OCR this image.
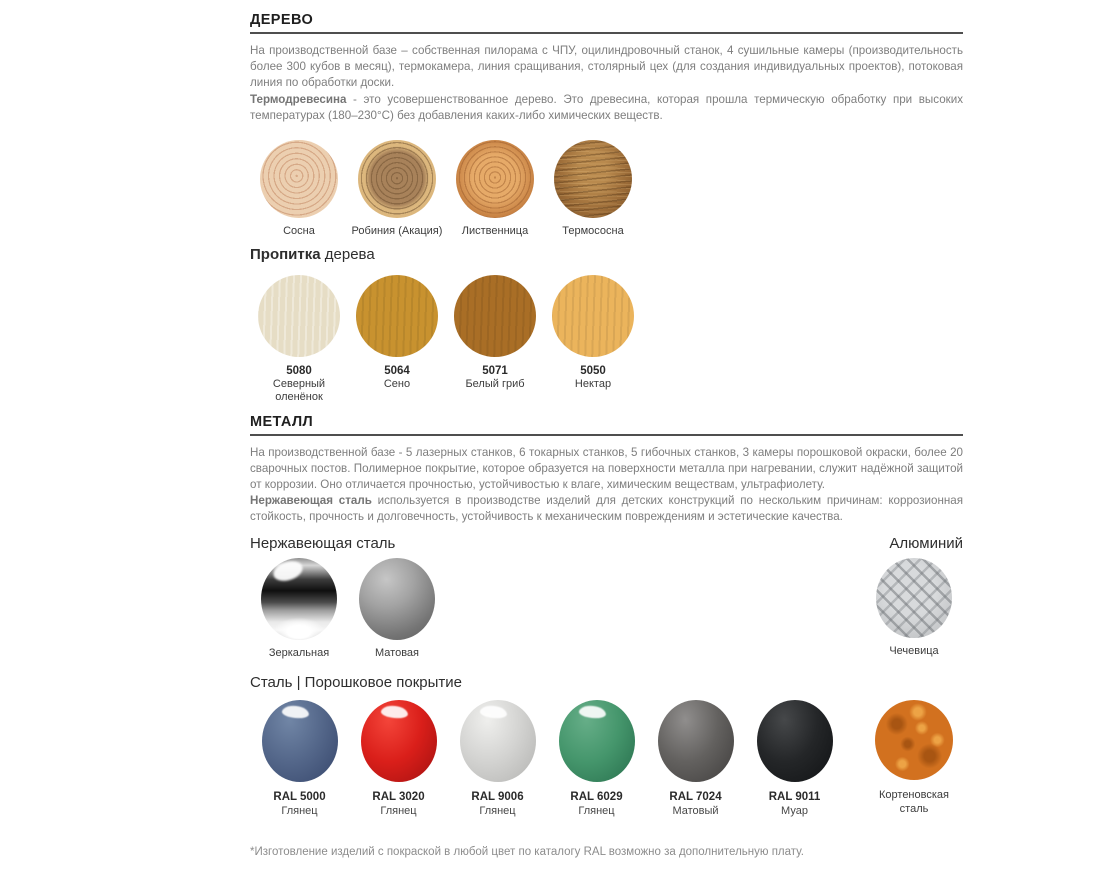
ДЕРЕВО
На производственной базе – собственная пилорама с ЧПУ, оцилиндровочный станок, 4 сушильные камеры (производительность более 300 кубов в месяц), термокамера, линия сращивания, столярный цех (для создания индивидуальных проектов), потоковая линия по обработки доски.
Термодревесина - это усовершенствованное дерево. Это древесина, которая прошла термическую обработку при высоких температурах (180–230°С) без добавления каких-либо химических веществ.
Сосна	Робиния (Акация) Лиственница	Термососна
Пропитка дерева
5080
Северный оленёнок
5064
Сено
5071
Белый гриб
5050
Нектар
МЕТАЛЛ
На производственной базе - 5 лазерных станков, 6 токарных станков, 5 гибочных станков, 3 камеры порошковой окраски, более 20 сварочных постов. Полимерное покрытие, которое образуется на поверхности металла при нагревании, служит надёжной защитой от коррозии. Оно отличается прочностью, устойчивостью к влаге, химическим веществам, ультрафиолету.
Нержавеющая сталь используется в производстве изделий для детских конструкций по нескольким причинам: коррозионная стойкость, прочность и долговечность, устойчивость к механическим повреждениям и эстетические качества.
Нержавеющая сталь	Алюминий
Зеркальная	Матовая	Чечевица
Сталь | Порошковое покрытие
RAL 5000
Глянец
RAL 3020
Глянец
RAL 9006
Глянец
RAL 6029
Глянец
RAL 7024
Матовый
RAL 9011
Муар
Кортеновская сталь
*Изготовление изделий с покраской в любой цвет по каталогу RAL возможно за дополнительную плату.
